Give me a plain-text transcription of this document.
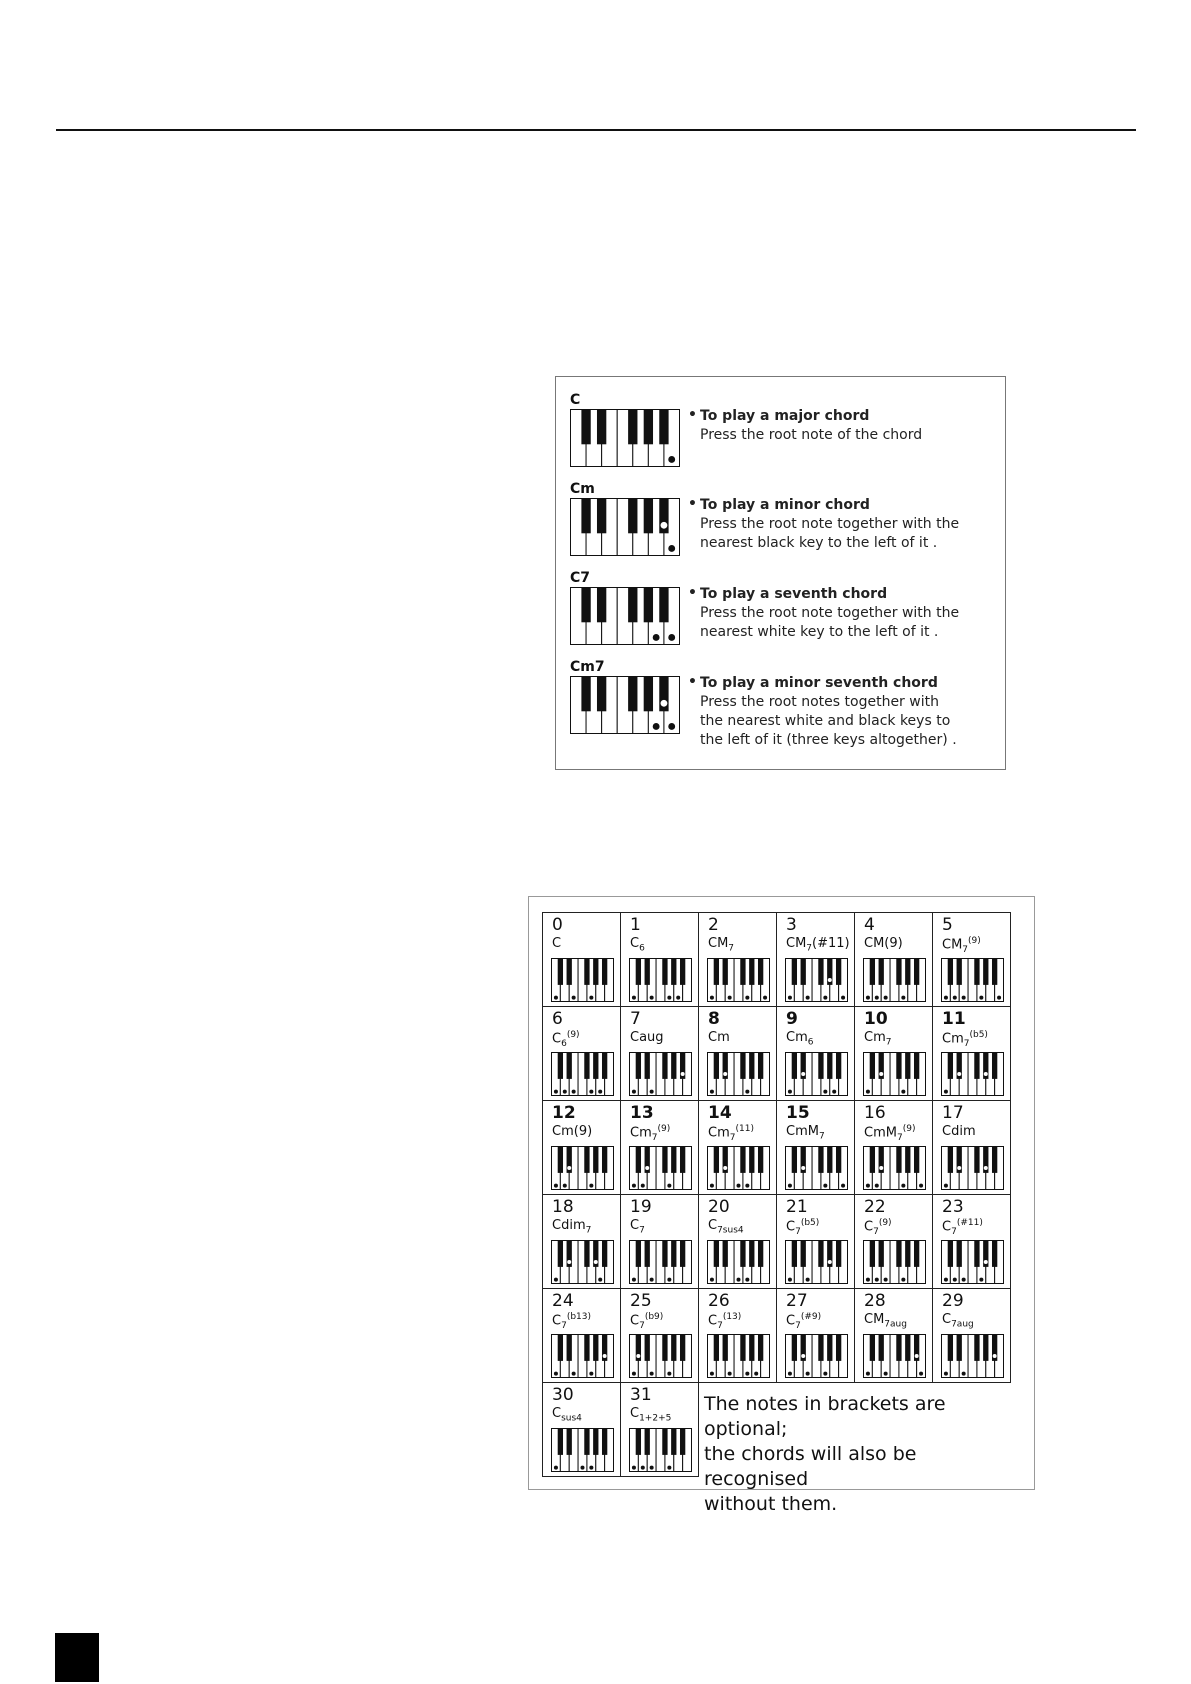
C
• To play a major chord
Press the root note of the chord
Cm
• To play a minor chord
Press the root note together with the
nearest black key to the left of it .
C7
• To play a seventh chord
Press the root note together with the
nearest white key to the left of it .
Cm7
• To play a minor seventh chord
Press the root notes together with
the nearest white and black keys to
the left of it (three keys altogether) .
0
C
1
$C_6$
2
$CM_7$
3
$CM_7(\#11)$
4
CM(9)
5
$CM_7^{(9)}$
6
$C_6^{(9)}$
7
Caug
8
Cm
9
$Cm_6$
10
$Cm_7$
11
$Cm_7^{(b5)}$
12
Cm(9)
13
$Cm_7^{(9)}$
14
$Cm_7^{(11)}$
15
CmM$_7$
16
CmM$_7^{(9)}$
17
Cdim
18
Cdim$_7$
19
$C_7$
20
$C_{7sus4}$
21
$C_7^{(b5)}$
22
$C_7^{(9)}$
23
$C_7^{(\#11)}$
24
$C_7^{(b13)}$
25
$C_7^{(b9)}$
26
$C_7^{(13)}$
27
$C_7^{(\#9)}$
28
$CM_{7aug}$
29
$C_{7aug}$
30
$C_{sus4}$
31
$C_{1+2+5}$
The notes in brackets are optional;
the chords will also be recognised
without them.
